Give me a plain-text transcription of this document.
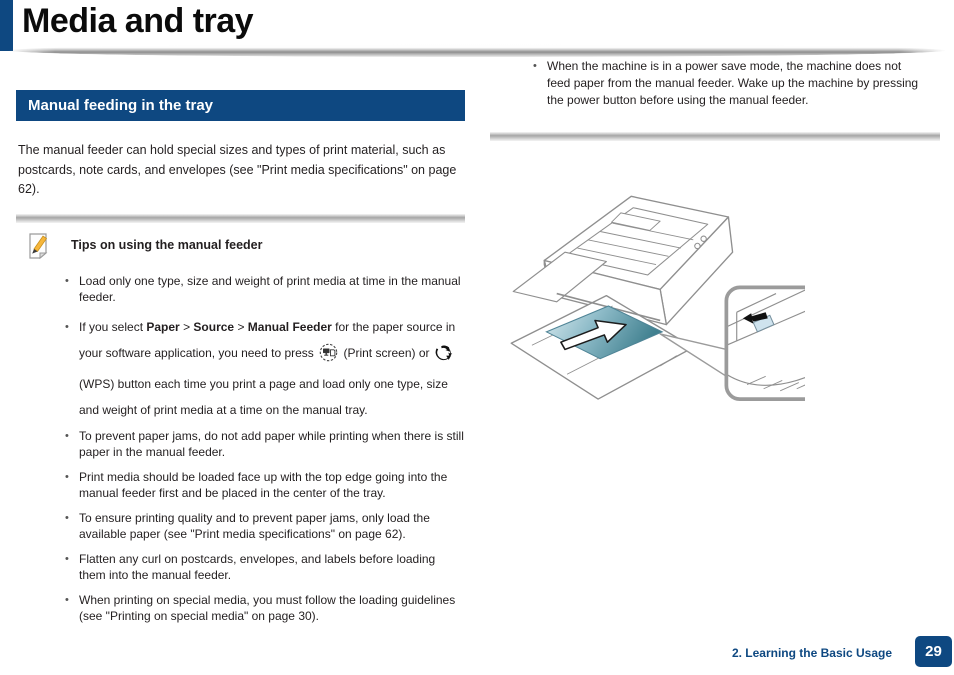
Media and tray
Manual feeding in the tray

The manual feeder can hold special sizes and types of print material, such as postcards, note cards, and envelopes (see "Print media specifications" on page 62).

Tips on using the manual feeder
• Load only one type, size and weight of print media at time in the manual feeder.
• If you select Paper > Source > Manual Feeder for the paper source in your software application, you need to press  (Print screen) or  (WPS) button each time you print a page and load only one type, size and weight of print media at a time on the manual tray.
• To prevent paper jams, do not add paper while printing when there is still paper in the manual feeder.
• Print media should be loaded face up with the top edge going into the manual feeder first and be placed in the center of the tray.
• To ensure printing quality and to prevent paper jams, only load the available paper (see "Print media specifications" on page 62).
• Flatten any curl on postcards, envelopes, and labels before loading them into the manual feeder.
• When printing on special media, you must follow the loading guidelines (see "Printing on special media" on page 30).
• When the machine is in a power save mode, the machine does not feed paper from the manual feeder. Wake up the machine by pressing the power button before using the manual feeder.
2. Learning the Basic Usage	29
